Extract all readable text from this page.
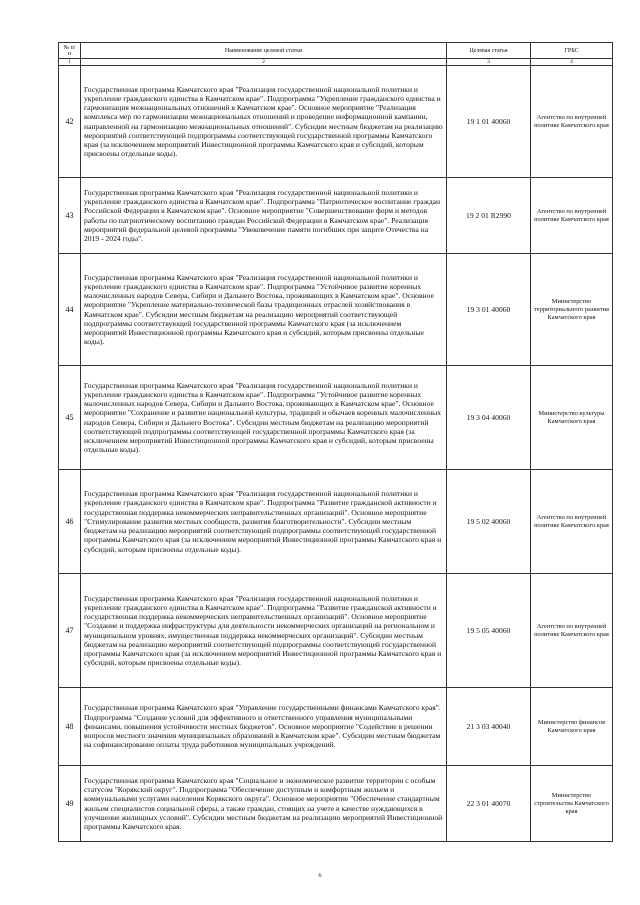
№ п/п	Наименование целевой статьи	Целевая статья	ГРБС
1	2	3	4
42	Государственная программа Камчатского края "Реализация государственной национальной политики и укрепление гражданского единства в Камчатском крае". Подпрограмма "Укрепление гражданского единства и гармонизация межнациональных отношений в Камчатском крае". Основное мероприятие "Реализация комплекса мер по гармонизации межнациональных отношений и проведение информационной кампании, направленной на гармонизацию межнациональных отношений". Субсидии местным бюджетам на реализацию мероприятий соответствующей подпрограммы соответствующей государственной программы Камчатского края (за исключением мероприятий Инвестиционной программы Камчатского края и субсидий, которым присвоены отдельные коды).	19 1 01 40060	Агентство по внутренней политике Камчатского края
43	Государственная программа Камчатского края "Реализация государственной национальной политики и укрепление гражданского единства в Камчатском крае". Подпрограмма "Патриотическое воспитание граждан Российской Федерации в Камчатском крае". Основное мероприятие "Совершенствование форм и методов работы по патриотическому воспитанию граждан Российской Федерации в Камчатском крае". Реализация мероприятий федеральной целевой программы "Увековечение памяти погибших при защите Отечества на 2019 - 2024 годы".	19 2 01 R2990	Агентство по внутренней политике Камчатского края
44	Государственная программа Камчатского края "Реализация государственной национальной политики и укрепление гражданского единства в Камчатском крае". Подпрограмма "Устойчивое развитие коренных малочисленных народов Севера, Сибири и Дальнего Востока, проживающих в Камчатском крае". Основное мероприятие "Укрепление материально-технической базы традиционных отраслей хозяйствования в Камчатском крае". Субсидии местным бюджетам на реализацию мероприятий соответствующей подпрограммы соответствующей государственной программы Камчатского края (за исключением мероприятий Инвестиционной программы Камчатского края и субсидий, которым присвоены отдельные коды).	19 3 01 40060	Министерство территориального развития Камчатского края
45	Государственная программа Камчатского края "Реализация государственной национальной политики и укрепление гражданского единства в Камчатском крае". Подпрограмма "Устойчивое развитие коренных малочисленных народов Севера, Сибири и Дальнего Востока, проживающих в Камчатском крае". Основное мероприятие "Сохранение и развитие национальной культуры, традиций и обычаев коренных малочисленных народов Севера, Сибири и Дальнего Востока". Субсидии местным бюджетам на реализацию мероприятий соответствующей подпрограммы соответствующей государственной программы Камчатского края (за исключением мероприятий Инвестиционной программы Камчатского края и субсидий, которым присвоены отдельные коды).	19 3 04 40060	Министерство культуры Камчатского края
46	Государственная программа Камчатского края "Реализация государственной национальной политики и укрепление гражданского единства в Камчатском крае". Подпрограмма "Развитие гражданской активности и государственная поддержка некоммерческих неправительственных организаций". Основное мероприятие "Стимулирование развития местных сообществ, развития благотворительности". Субсидии местным бюджетам на реализацию мероприятий соответствующей подпрограммы соответствующей государственной программы Камчатского края (за исключением мероприятий Инвестиционной программы Камчатского края и субсидий, которым присвоены отдельные коды).	19 5 02 40060	Агентство по внутренней политике Камчатского края
47	Государственная программа Камчатского края "Реализация государственной национальной политики и укрепление гражданского единства в Камчатском крае". Подпрограмма "Развитие гражданской активности и государственная поддержка некоммерческих неправительственных организаций". Основное мероприятие "Создание и поддержка инфраструктуры для деятельности некоммерческих организаций на региональном и муниципальном уровнях, имущественная поддержка некоммерческих организаций". Субсидии местным бюджетам на реализацию мероприятий соответствующей подпрограммы соответствующей государственной программы Камчатского края (за исключением мероприятий Инвестиционной программы Камчатского края и субсидий, которым присвоены отдельные коды).	19 5 05 40060	Агентство по внутренней политике Камчатского края
48	Государственная программа Камчатского края "Управление государственными финансами Камчатского края". Подпрограмма "Создание условий для эффективного и ответственного управления муниципальными финансами, повышения устойчивости местных бюджетов". Основное мероприятие "Содействие в решении вопросов местного значения муниципальных образований в Камчатском крае". Субсидии местным бюджетам на софинансирование оплаты труда работников муниципальных учреждений.	21 3 03 40040	Министерство финансов Камчатского края
49	Государственная программа Камчатского края "Социальное и экономическое развитие территории с особым статусом "Корякский округ". Подпрограмма "Обеспечение доступным и комфортным жильем и коммунальными услугами населения Корякского округа". Основное мероприятие "Обеспечение стандартным жильем специалистов социальной сферы, а также граждан, стоящих на учете в качестве нуждающихся в улучшение жилищных условий". Субсидии местным бюджетам на реализацию мероприятий Инвестиционной программы Камчатского края.	22 3 01 40070	Министерство строительства Камчатского края
6
